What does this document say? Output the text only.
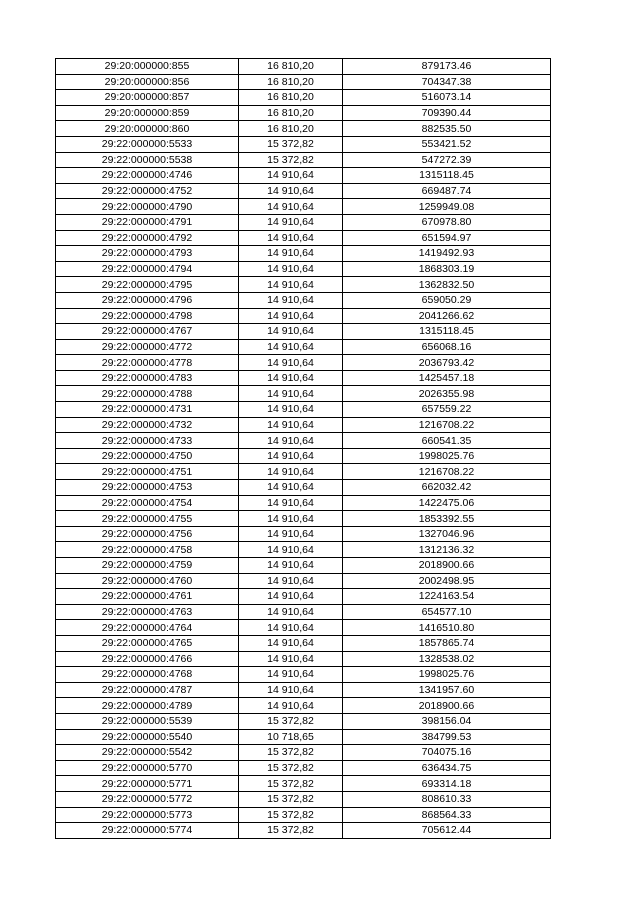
29:20:000000:855	16 810,20	879173.46
29:20:000000:856	16 810,20	704347.38
29:20:000000:857	16 810,20	516073.14
29:20:000000:859	16 810,20	709390.44
29:20:000000:860	16 810,20	882535.50
29:22:000000:5533	15 372,82	553421.52
29:22:000000:5538	15 372,82	547272.39
29:22:000000:4746	14 910,64	1315118.45
29:22:000000:4752	14 910,64	669487.74
29:22:000000:4790	14 910,64	1259949.08
29:22:000000:4791	14 910,64	670978.80
29:22:000000:4792	14 910,64	651594.97
29:22:000000:4793	14 910,64	1419492.93
29:22:000000:4794	14 910,64	1868303.19
29:22:000000:4795	14 910,64	1362832.50
29:22:000000:4796	14 910,64	659050.29
29:22:000000:4798	14 910,64	2041266.62
29:22:000000:4767	14 910,64	1315118.45
29:22:000000:4772	14 910,64	656068.16
29:22:000000:4778	14 910,64	2036793.42
29:22:000000:4783	14 910,64	1425457.18
29:22:000000:4788	14 910,64	2026355.98
29:22:000000:4731	14 910,64	657559.22
29:22:000000:4732	14 910,64	1216708.22
29:22:000000:4733	14 910,64	660541.35
29:22:000000:4750	14 910,64	1998025.76
29:22:000000:4751	14 910,64	1216708.22
29:22:000000:4753	14 910,64	662032.42
29:22:000000:4754	14 910,64	1422475.06
29:22:000000:4755	14 910,64	1853392.55
29:22:000000:4756	14 910,64	1327046.96
29:22:000000:4758	14 910,64	1312136.32
29:22:000000:4759	14 910,64	2018900.66
29:22:000000:4760	14 910,64	2002498.95
29:22:000000:4761	14 910,64	1224163.54
29:22:000000:4763	14 910,64	654577.10
29:22:000000:4764	14 910,64	1416510.80
29:22:000000:4765	14 910,64	1857865.74
29:22:000000:4766	14 910,64	1328538.02
29:22:000000:4768	14 910,64	1998025.76
29:22:000000:4787	14 910,64	1341957.60
29:22:000000:4789	14 910,64	2018900.66
29:22:000000:5539	15 372,82	398156.04
29:22:000000:5540	10 718,65	384799.53
29:22:000000:5542	15 372,82	704075.16
29:22:000000:5770	15 372,82	636434.75
29:22:000000:5771	15 372,82	693314.18
29:22:000000:5772	15 372,82	808610.33
29:22:000000:5773	15 372,82	868564.33
29:22:000000:5774	15 372,82	705612.44
